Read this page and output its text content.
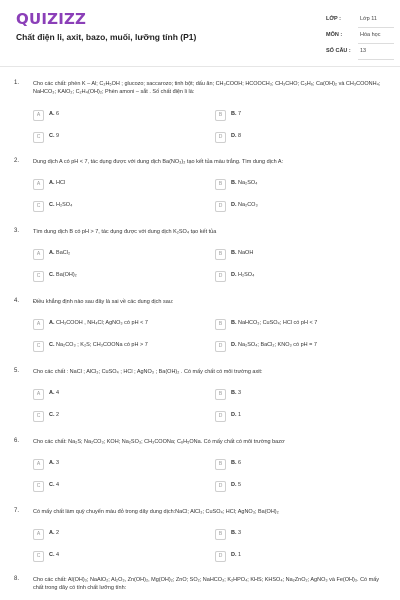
QUIZIZZ
Chất điện li, axit, bazo, muối, lưỡng tính (P1)
LỚP :	Lớp 11
MÔN :	Hóa học
SỐ CÂU : 13
1.	Cho các chất: phèn K – Al; C₂H₅OH ; glucozo; saccarozo; tinh bột; dấu ăn; CH₃COOH; HCOOCH₃; CH₃CHO; C₆H₆; Ca(OH)₂ và CH₃COONH₄; NaHCO₃; KAlO₂; C₂H₄(OH)₂; Phèn amoni – sắt . Số chất điện li là:
A	A. 6	B	B. 7
C	C. 9	D	D. 8
2.	Dung dịch A có pH < 7, tác dụng được với dung dịch Ba(NO₃)₂ tạo kết tủa màu trắng. Tìm dung dịch A:
A	A. HCl	B	B. Na₂SO₄
C	C. H₂SO₄	D	D. Na₂CO₃
3.	Tìm dung dịch B có pH > 7, tác dụng được với dung dịch K₂SO₄ tạo kết tủa
A	A. BaCl₂	B	B. NaOH
C	C. Ba(OH)₂	D	D. H₂SO₄
4.	Điều khẳng định nào sau đây là sai về các dung dịch sau:
A	A. CH₃COOH , NH₄Cl; AgNO₃ có pH < 7	B	B. NaHCO₃; CuSO₄; HCl có pH < 7
C	C. Na₂CO₃ ; K₂S; CH₃COONa có pH > 7	D	D. Na₂SO₄; BaCl₂; KNO₃ có pH = 7
5.	Cho các chất : NaCl ; AlCl₃; CuSO₄ ; HCl ; AgNO₃ ; Ba(OH)₂ . Có mấy chất có môi trường axit:
A	A. 4	B	B. 3
C	C. 2	D	D. 1
6.	Cho các chất: Na₂S; Na₂CO₃; KOH; Na₂SO₃; CH₃COONa; C₆H₅ONa. Có mấy chất có môi trường bazơ
A	A. 3	B	B. 6
C	C. 4	D	D. 5
7.	Có mấy chất làm quỳ chuyển màu đỏ trong dãy dung dịch:NaCl; AlCl₃; CuSO₄; HCl; AgNO₃; Ba(OH)₂
A	A. 2	B	B. 3
C	C. 4	D	D. 1
8.	Cho các chất: Al(OH)₃; NaAlO₂; Al₂O₃, Zn(OH)₂, Mg(OH)₂; ZnO; SO₂; NaHCO₃; K₂HPO₄; KHS; KHSO₄; Na₂ZnO₂; AgNO₃ và Fe(OH)₃. Có mấy chất trong dãy có tính chất lưỡng tính:
